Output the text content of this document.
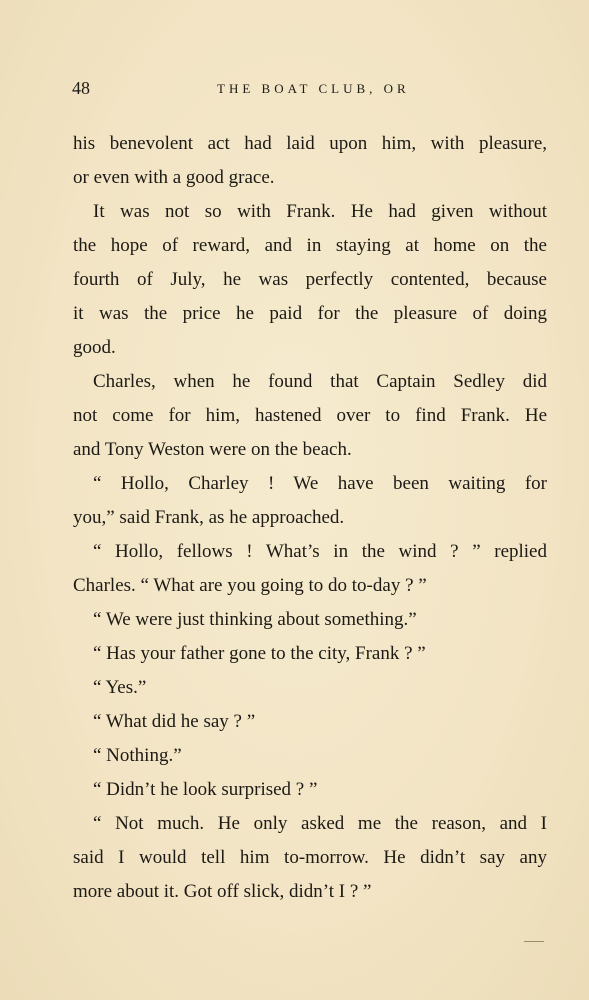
48	THE BOAT CLUB, OR
his benevolent act had laid upon him, with pleasure,
or even with a good grace.
It was not so with Frank. He had given without
the hope of reward, and in staying at home on the
fourth of July, he was perfectly contented, because
it was the price he paid for the pleasure of doing
good.
Charles, when he found that Captain Sedley did
not come for him, hastened over to find Frank. He
and Tony Weston were on the beach.
“ Hollo, Charley ! We have been waiting for
you,” said Frank, as he approached.
“ Hollo, fellows ! What’s in the wind ? ” replied
Charles. “ What are you going to do to-day ? ”
“ We were just thinking about something.”
“ Has your father gone to the city, Frank ? ”
“ Yes.”
“ What did he say ? ”
“ Nothing.”
“ Didn’t he look surprised ? ”
“ Not much. He only asked me the reason, and I
said I would tell him to-morrow. He didn’t say any
more about it. Got off slick, didn’t I ? ”
